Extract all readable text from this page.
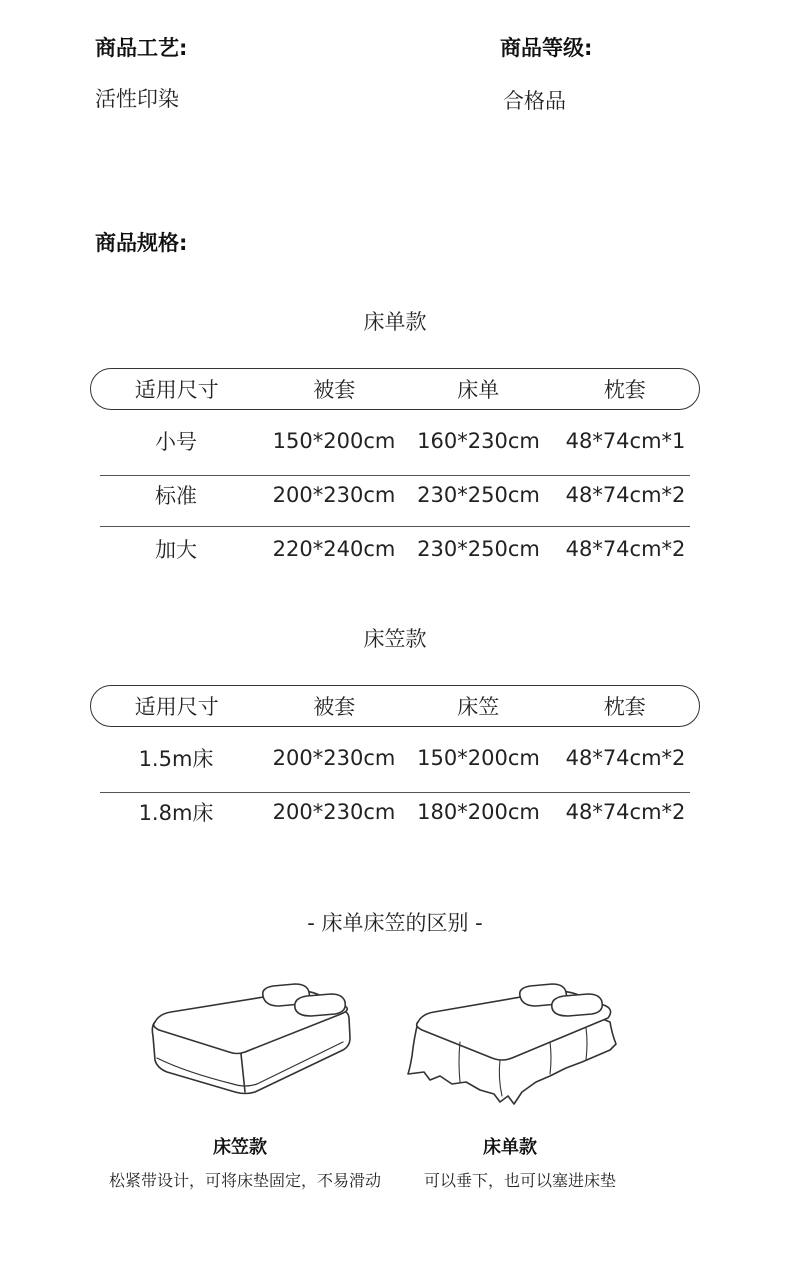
商品工艺:
活性印染
商品等级:
合格品
商品规格:
床单款
适用尺寸	被套	床单	枕套
小号	150*200cm	160*230cm	48*74cm*1
标准	200*230cm	230*250cm	48*74cm*2
加大	220*240cm	230*250cm	48*74cm*2
床笠款
适用尺寸	被套	床笠	枕套
1.5m床	200*230cm	150*200cm	48*74cm*2
1.8m床	200*230cm	180*200cm	48*74cm*2
- 床单床笠的区别 -
床笠款
松紧带设计，可将床垫固定，不易滑动
床单款
可以垂下，也可以塞进床垫
